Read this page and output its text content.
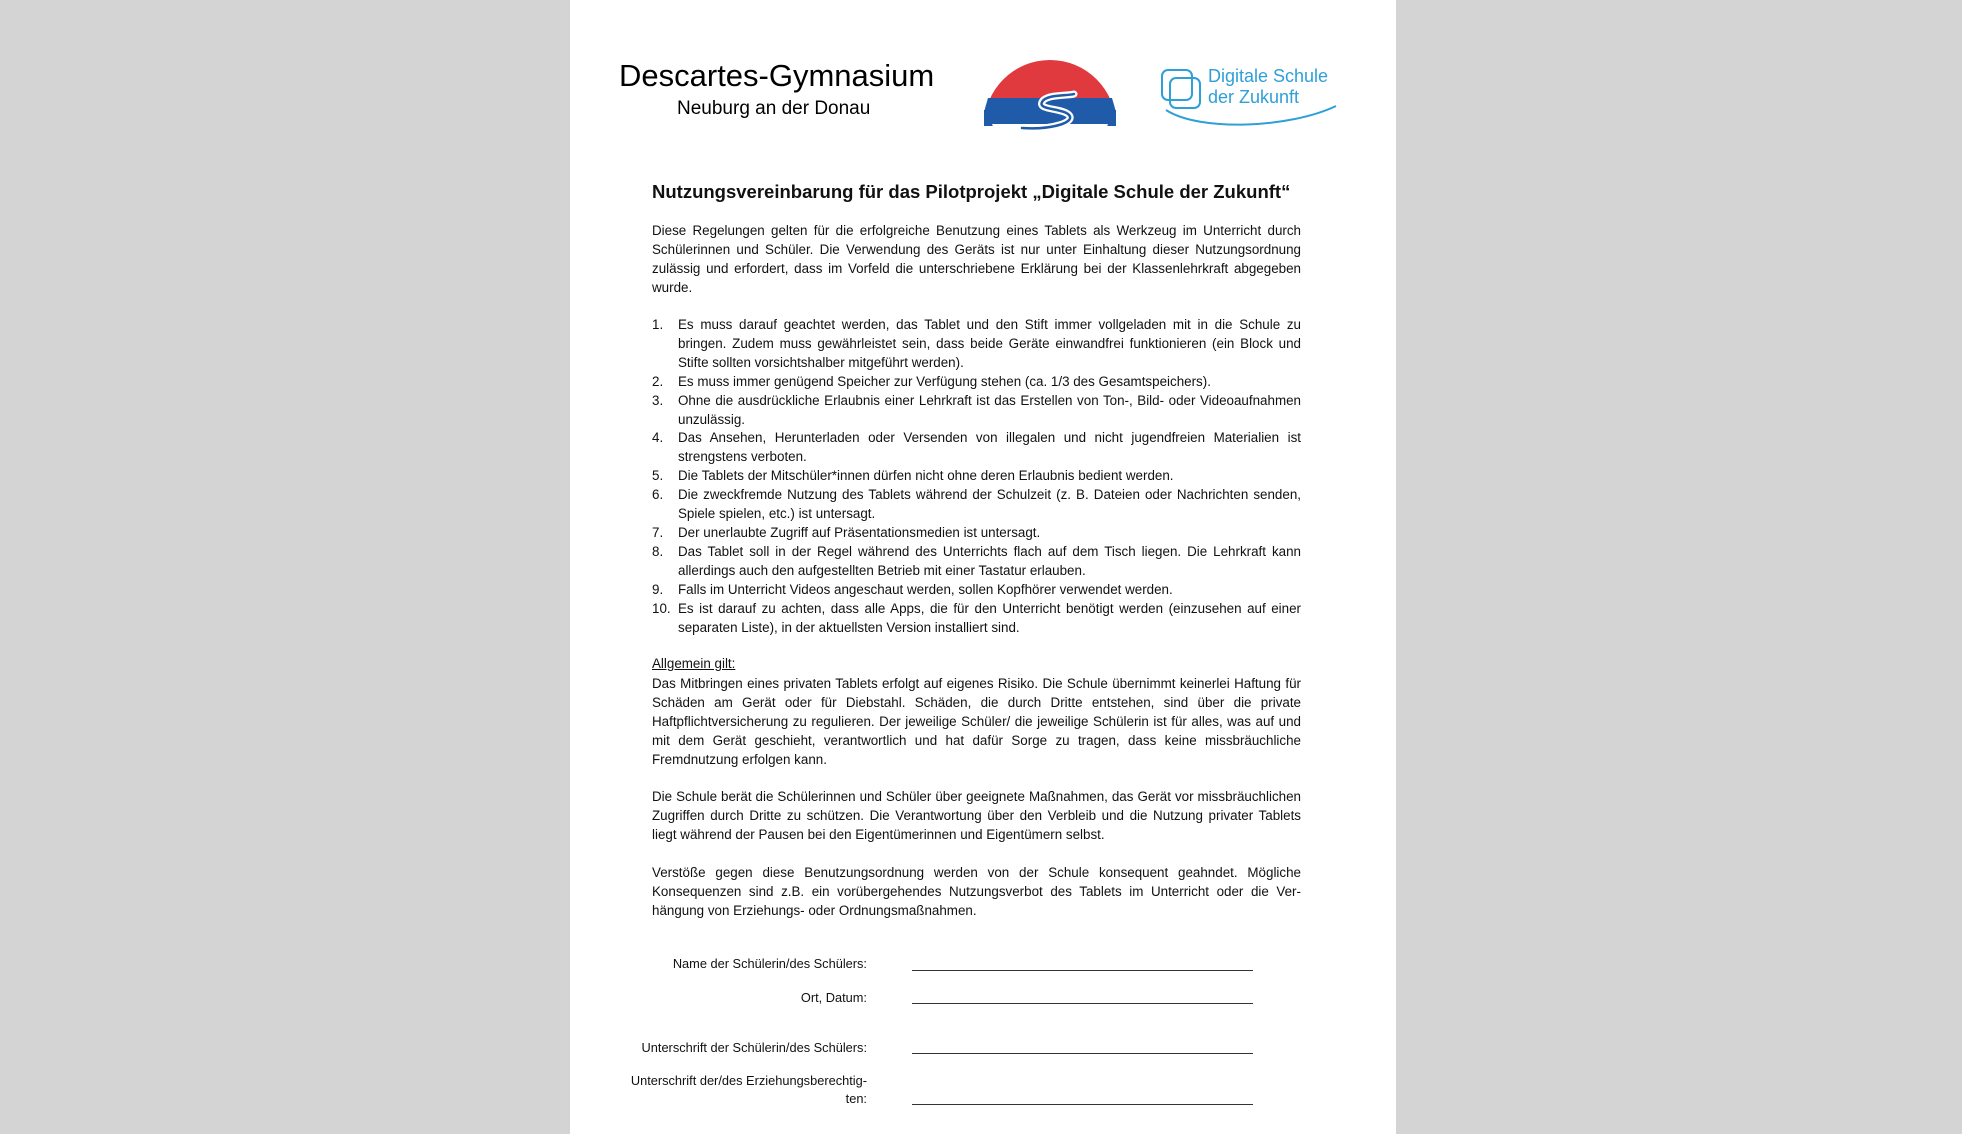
Descartes-Gymnasium
Neuburg an der Donau
Digitale Schule
der Zukunft
Nutzungsvereinbarung für das Pilotprojekt „Digitale Schule der Zukunft“
Diese Regelungen gelten für die erfolgreiche Benutzung eines Tablets als Werkzeug im Unterricht durch Schülerinnen und Schüler. Die Verwendung des Geräts ist nur unter Einhaltung dieser Nutzungsordnung zulässig und erfordert, dass im Vorfeld die unterschriebene Erklärung bei der Klassenlehrkraft abgegeben wurde.
1. Es muss darauf geachtet werden, das Tablet und den Stift immer vollgeladen mit in die Schule zu bringen. Zudem muss gewährleistet sein, dass beide Geräte einwandfrei funktionieren (ein Block und Stifte sollten vorsichtshalber mitgeführt werden).
2. Es muss immer genügend Speicher zur Verfügung stehen (ca. 1/3 des Gesamtspeichers).
3. Ohne die ausdrückliche Erlaubnis einer Lehrkraft ist das Erstellen von Ton-, Bild- oder Videoaufnahmen unzulässig.
4. Das Ansehen, Herunterladen oder Versenden von illegalen und nicht jugendfreien Materialien ist strengstens verboten.
5. Die Tablets der Mitschüler*innen dürfen nicht ohne deren Erlaubnis bedient werden.
6. Die zweckfremde Nutzung des Tablets während der Schulzeit (z. B. Dateien oder Nachrichten senden, Spiele spielen, etc.) ist untersagt.
7. Der unerlaubte Zugriff auf Präsentationsmedien ist untersagt.
8. Das Tablet soll in der Regel während des Unterrichts flach auf dem Tisch liegen. Die Lehrkraft kann allerdings auch den aufgestellten Betrieb mit einer Tastatur erlauben.
9. Falls im Unterricht Videos angeschaut werden, sollen Kopfhörer verwendet werden.
10. Es ist darauf zu achten, dass alle Apps, die für den Unterricht benötigt werden (einzusehen auf einer separaten Liste), in der aktuellsten Version installiert sind.
Allgemein gilt:
Das Mitbringen eines privaten Tablets erfolgt auf eigenes Risiko. Die Schule übernimmt keinerlei Haftung für Schäden am Gerät oder für Diebstahl. Schäden, die durch Dritte entstehen, sind über die private Haftpflichtversicherung zu regulieren. Der jeweilige Schüler/ die jeweilige Schülerin ist für alles, was auf und mit dem Gerät geschieht, verantwortlich und hat dafür Sorge zu tragen, dass keine missbräuchliche Fremdnutzung erfolgen kann.
Die Schule berät die Schülerinnen und Schüler über geeignete Maßnahmen, das Gerät vor missbräuchlichen Zugriffen durch Dritte zu schützen. Die Verantwortung über den Verbleib und die Nutzung privater Tablets liegt während der Pausen bei den Eigentümerinnen und Eigentümern selbst.
Verstöße gegen diese Benutzungsordnung werden von der Schule konsequent geahndet. Mögliche Konsequenzen sind z.B. ein vorübergehendes Nutzungsverbot des Tablets im Unterricht oder die Verhängung von Erziehungs- oder Ordnungsmaßnahmen.
Name der Schülerin/des Schülers:
Ort, Datum:
Unterschrift der Schülerin/des Schülers:
Unterschrift der/des Erziehungsberechtigten:
